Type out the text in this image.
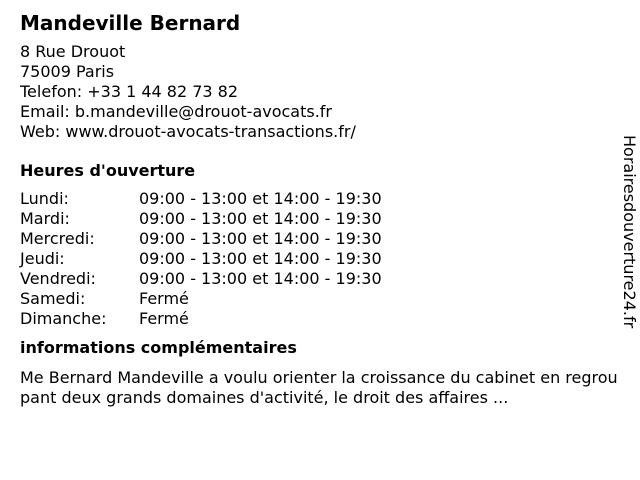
Mandeville Bernard
8 Rue Drouot
75009 Paris
Telefon: +33 1 44 82 73 82
Email: b.mandeville@drouot-avocats.fr
Web: www.drouot-avocats-transactions.fr/
Heures d'ouverture
Lundi:	09:00 - 13:00 et 14:00 - 19:30
Mardi:	09:00 - 13:00 et 14:00 - 19:30
Mercredi:	09:00 - 13:00 et 14:00 - 19:30
Jeudi:	09:00 - 13:00 et 14:00 - 19:30
Vendredi:	09:00 - 13:00 et 14:00 - 19:30
Samedi:	Fermé
Dimanche:	Fermé
informations complémentaires
Me Bernard Mandeville a voulu orienter la croissance du cabinet en regroupant deux grands domaines d'activité, le droit des affaires ...
Horairesdouverture24.fr
